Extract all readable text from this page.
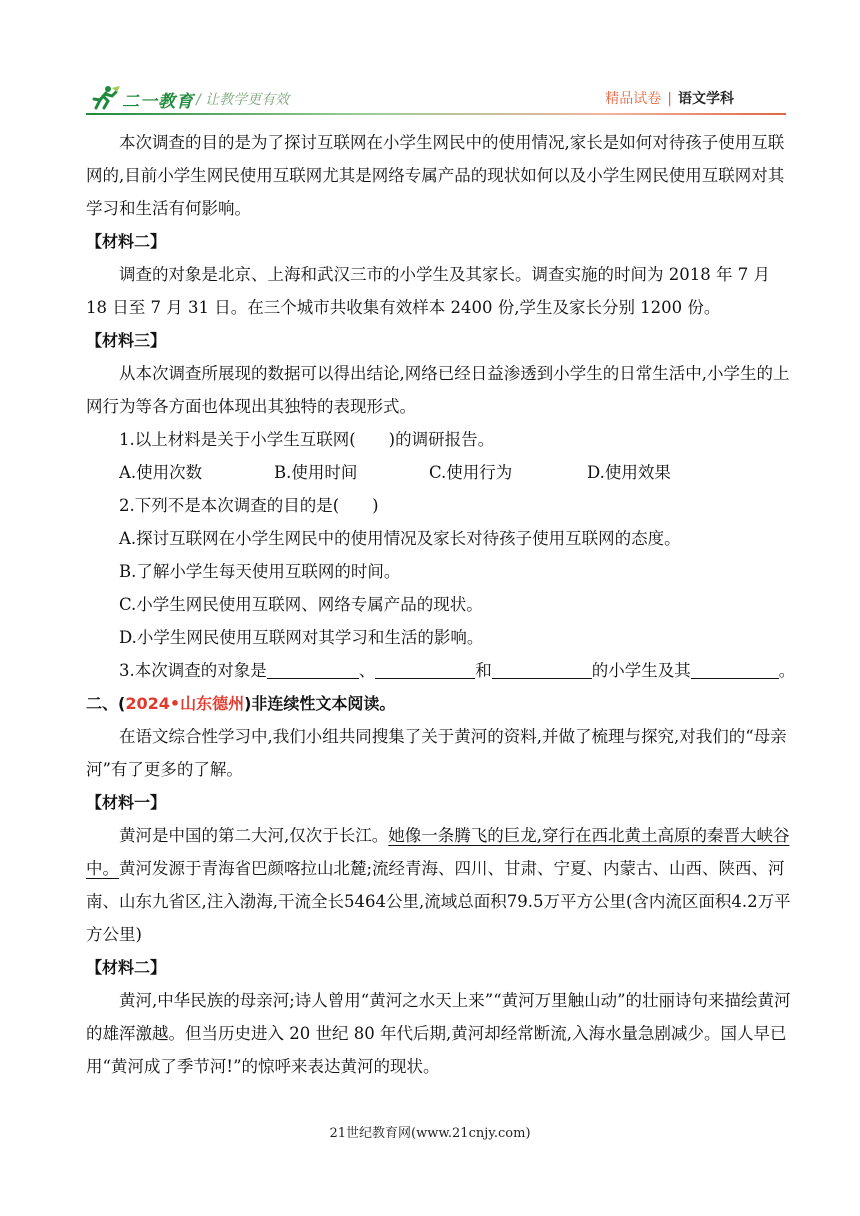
二一教育 / 让教学更有效	精品试卷 | 语文学科

本次调查的目的是为了探讨互联网在小学生网民中的使用情况,家长是如何对待孩子使用互联网的,目前小学生网民使用互联网尤其是网络专属产品的现状如何以及小学生网民使用互联网对其学习和生活有何影响。

【材料二】

调查的对象是北京、上海和武汉三市的小学生及其家长。调查实施的时间为 2018 年 7 月 18 日至 7 月 31 日。在三个城市共收集有效样本 2400 份,学生及家长分别 1200 份。

【材料三】

从本次调查所展现的数据可以得出结论,网络已经日益渗透到小学生的日常生活中,小学生的上网行为等各方面也体现出其独特的表现形式。

1.以上材料是关于小学生互联网(　　)的调研报告。

A.使用次数	B.使用时间	C.使用行为	D.使用效果

2.下列不是本次调查的目的是(　　)

A.探讨互联网在小学生网民中的使用情况及家长对待孩子使用互联网的态度。

B.了解小学生每天使用互联网的时间。

C.小学生网民使用互联网、网络专属产品的现状。

D.小学生网民使用互联网对其学习和生活的影响。

3.本次调查的对象是	、	和	的小学生及其	。

二、(2024•山东德州)非连续性文本阅读。

在语文综合性学习中,我们小组共同搜集了关于黄河的资料,并做了梳理与探究,对我们的“母亲河”有了更多的了解。

【材料一】

黄河是中国的第二大河,仅次于长江。她像一条腾飞的巨龙,穿行在西北黄土高原的秦晋大峡谷中。黄河发源于青海省巴颜喀拉山北麓;流经青海、四川、甘肃、宁夏、内蒙古、山西、陕西、河南、山东九省区,注入渤海,干流全长5464公里,流域总面积79.5万平方公里(含内流区面积4.2万平方公里)

【材料二】

黄河,中华民族的母亲河;诗人曾用“黄河之水天上来”“黄河万里触山动”的壮丽诗句来描绘黄河的雄浑激越。但当历史进入 20 世纪 80 年代后期,黄河却经常断流,入海水量急剧减少。国人早已用“黄河成了季节河!”的惊呼来表达黄河的现状。

21世纪教育网(www.21cnjy.com)
